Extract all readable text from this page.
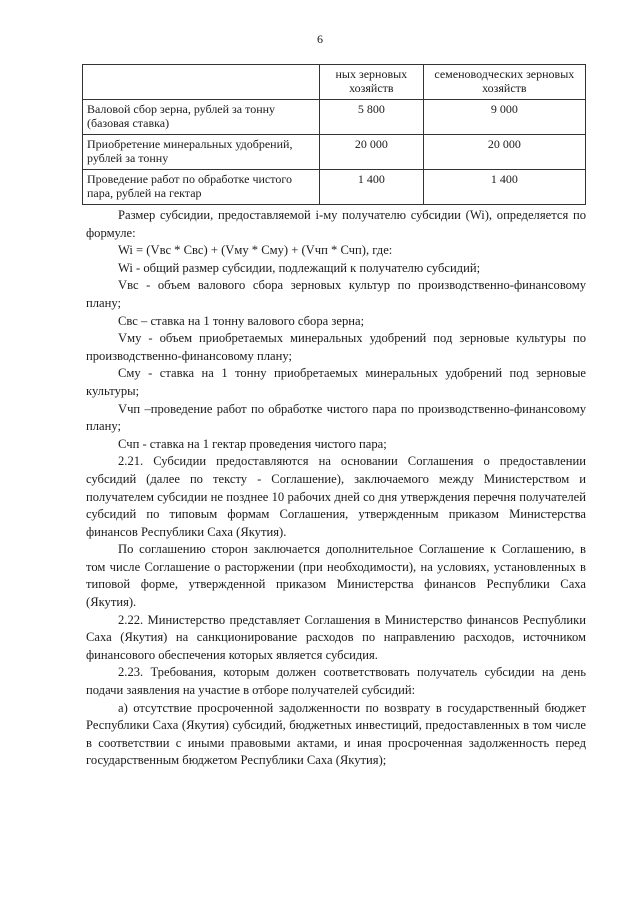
6
	ных зерновых хозяйств	семеноводческих зерновых хозяйств
Валовой сбор зерна, рублей за тонну (базовая ставка)	5 800	9 000
Приобретение минеральных удобрений, рублей за тонну	20 000	20 000
Проведение работ по обработке чистого пара, рублей на гектар	1 400	1 400

Размер субсидии, предоставляемой i-му получателю субсидии (Wi), определяется по формуле:

Wi = (Vвс * Свс) + (Vму * Сму) + (Vчп * Счп), где:

Wi - общий размер субсидии, подлежащий к получателю субсидий;

Vвс - объем валового сбора зерновых культур по производственно-финансовому плану;

Свс – ставка на 1 тонну валового сбора зерна;

Vму - объем приобретаемых минеральных удобрений под зерновые культуры по производственно-финансовому плану;

Сму - ставка на 1 тонну приобретаемых минеральных удобрений под зерновые культуры;

Vчп –проведение работ по обработке чистого пара по производственно-финансовому плану;

Счп - ставка на 1 гектар проведения чистого пара;

2.21. Субсидии предоставляются на основании Соглашения о предоставлении субсидий (далее по тексту - Соглашение), заключаемого между Министерством и получателем субсидии не позднее 10 рабочих дней со дня утверждения перечня получателей субсидий по типовым формам Соглашения, утвержденным приказом Министерства финансов Республики Саха (Якутия).

По соглашению сторон заключается дополнительное Соглашение к Соглашению, в том числе Соглашение о расторжении (при необходимости), на условиях, установленных в типовой форме, утвержденной приказом Министерства финансов Республики Саха (Якутия).

2.22. Министерство представляет Соглашения в Министерство финансов Республики Саха (Якутия) на санкционирование расходов по направлению расходов, источником финансового обеспечения которых является субсидия.

2.23. Требования, которым должен соответствовать получатель субсидии на день подачи заявления на участие в отборе получателей субсидий:

а) отсутствие просроченной задолженности по возврату в государственный бюджет Республики Саха (Якутия) субсидий, бюджетных инвестиций, предоставленных в том числе в соответствии с иными правовыми актами, и иная просроченная задолженность перед государственным бюджетом Республики Саха (Якутия);
